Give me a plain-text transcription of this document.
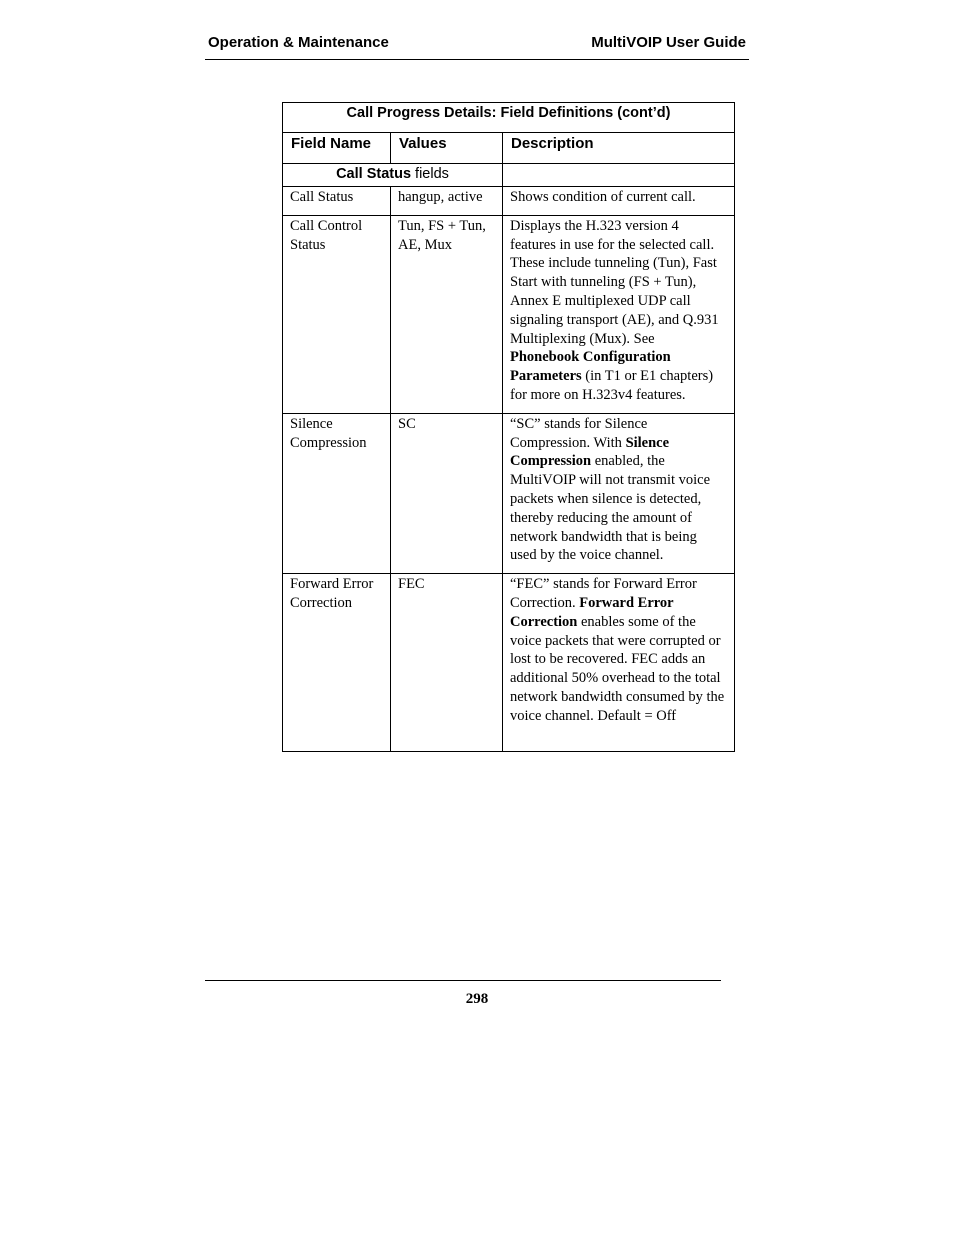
Operation & Maintenance	MultiVOIP User Guide
Call Progress Details: Field Definitions (cont’d)		
Field Name	Values	Description
Call Status fields		
Call Status	hangup, active	Shows condition of current call.
Call Control Status	Tun, FS + Tun, AE, Mux	Displays the H.323 version 4 features in use for the selected call. These include tunneling (Tun), Fast Start with tunneling (FS + Tun), Annex E multiplexed UDP call signaling transport (AE), and Q.931 Multiplexing (Mux). See Phonebook Configuration Parameters (in T1 or E1 chapters) for more on H.323v4 features.
Silence Compression	SC	“SC” stands for Silence Compression. With Silence Compression enabled, the MultiVOIP will not transmit voice packets when silence is detected, thereby reducing the amount of network bandwidth that is being used by the voice channel.
Forward Error Correction	FEC	“FEC” stands for Forward Error Correction. Forward Error Correction enables some of the voice packets that were corrupted or lost to be recovered. FEC adds an additional 50% overhead to the total network bandwidth consumed by the voice channel. Default = Off
298
